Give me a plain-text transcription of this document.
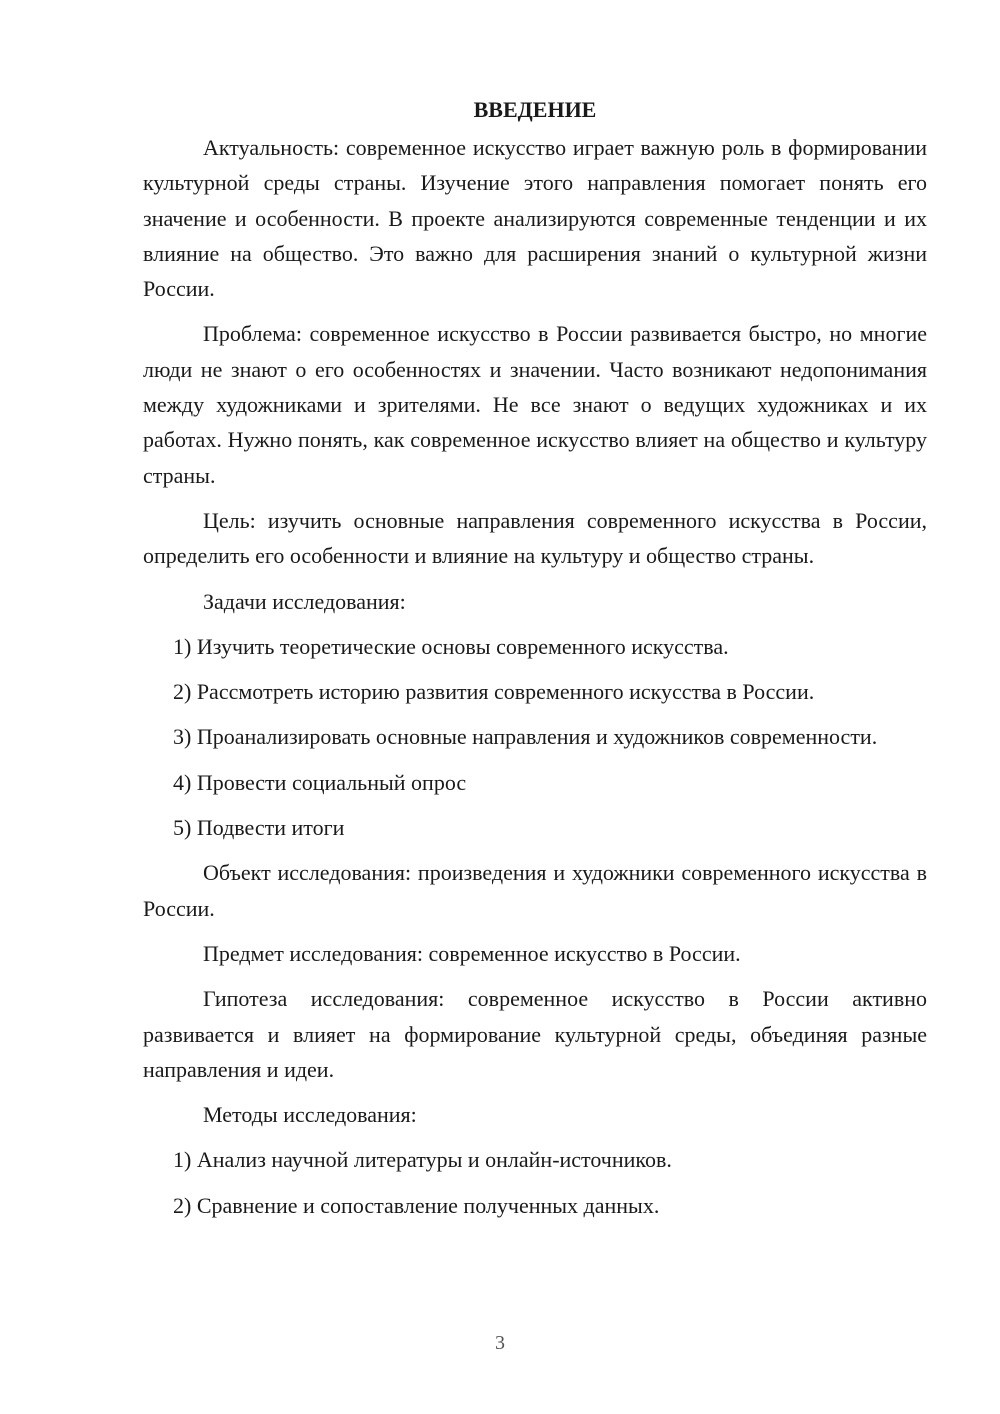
ВВЕДЕНИЕ

Актуальность: современное искусство играет важную роль в формировании культурной среды страны. Изучение этого направления помогает понять его значение и особенности. В проекте анализируются современные тенденции и их влияние на общество. Это важно для расширения знаний о культурной жизни России.

Проблема: современное искусство в России развивается быстро, но многие люди не знают о его особенностях и значении. Часто возникают недопонимания между художниками и зрителями. Не все знают о ведущих художниках и их работах. Нужно понять, как современное искусство влияет на общество и культуру страны.

Цель: изучить основные направления современного искусства в России, определить его особенности и влияние на культуру и общество страны.

Задачи исследования:

1) Изучить теоретические основы современного искусства.

2) Рассмотреть историю развития современного искусства в России.

3) Проанализировать основные направления и художников современности.

4) Провести социальный опрос

5) Подвести итоги

Объект исследования: произведения и художники современного искусства в России.

Предмет исследования: современное искусство в России.

Гипотеза исследования: современное искусство в России активно развивается и влияет на формирование культурной среды, объединяя разные направления и идеи.

Методы исследования:

1) Анализ научной литературы и онлайн-источников.

2) Сравнение и сопоставление полученных данных.

3
